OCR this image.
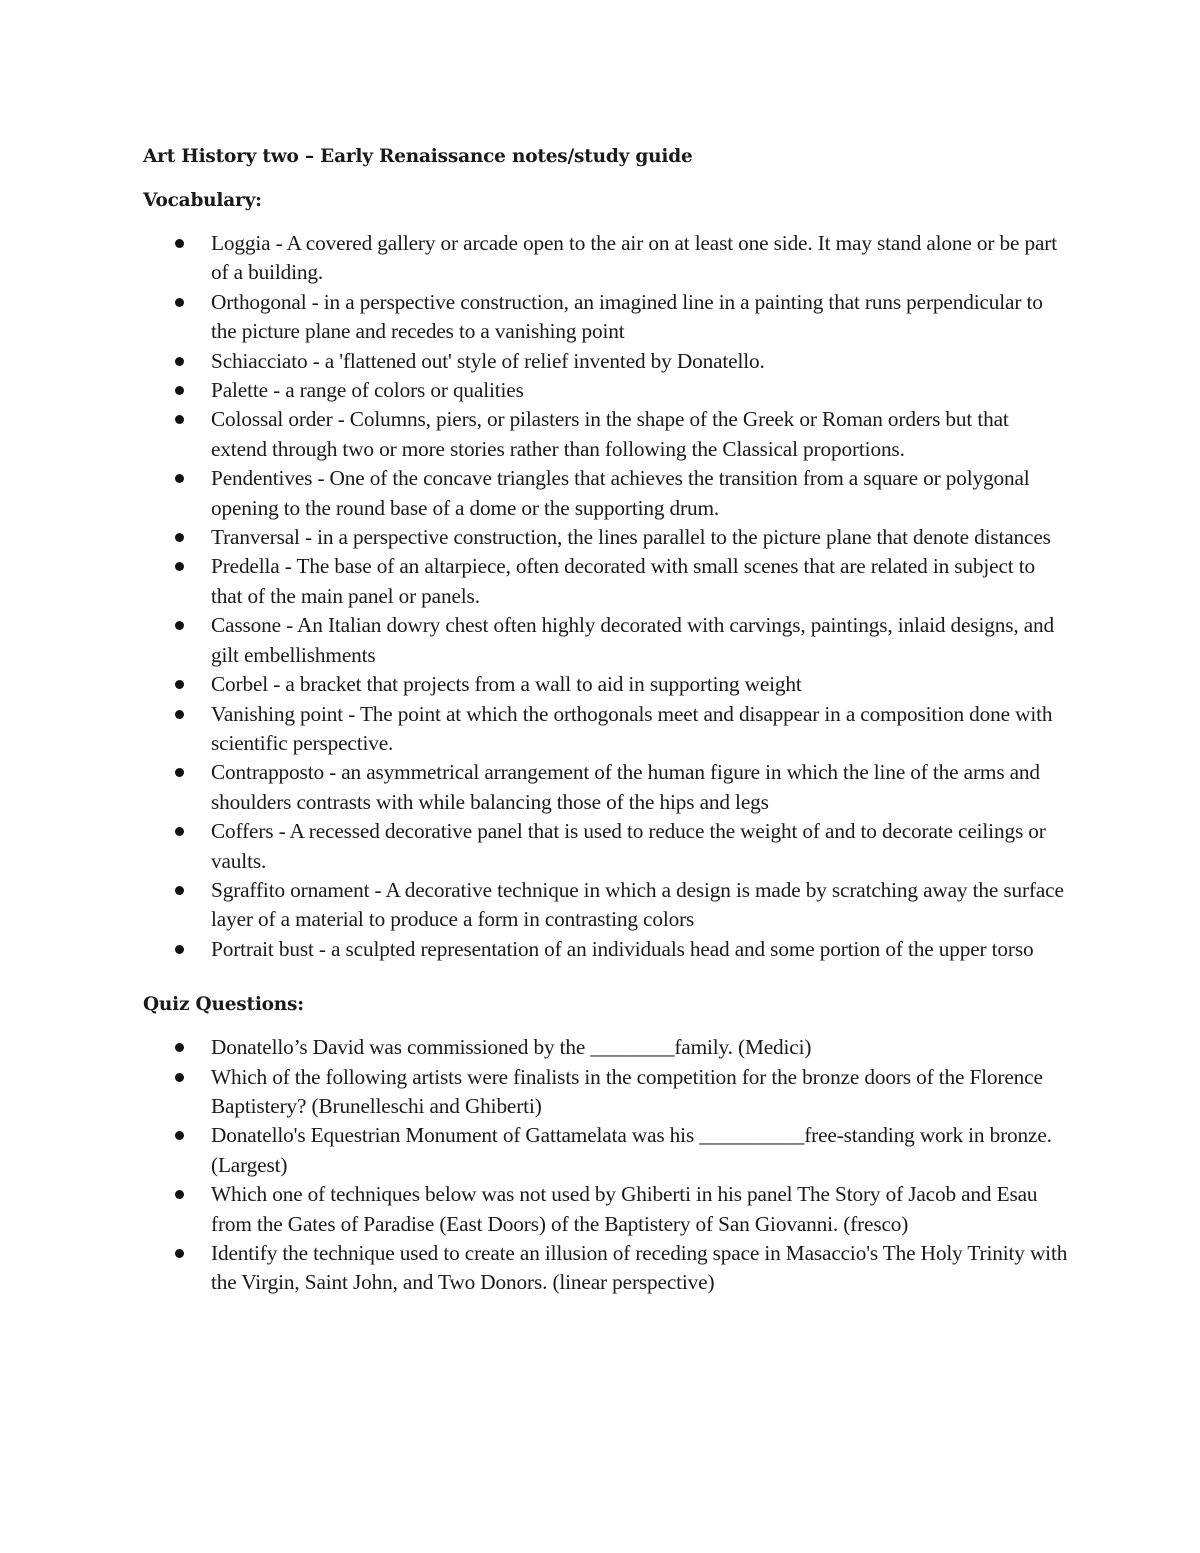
Art History two – Early Renaissance notes/study guide
Vocabulary:
Loggia - A covered gallery or arcade open to the air on at least one side. It may stand alone or be part of a building.
Orthogonal - in a perspective construction, an imagined line in a painting that runs perpendicular to the picture plane and recedes to a vanishing point
Schiacciato - a 'flattened out' style of relief invented by Donatello.
Palette - a range of colors or qualities
Colossal order - Columns, piers, or pilasters in the shape of the Greek or Roman orders but that extend through two or more stories rather than following the Classical proportions.
Pendentives - One of the concave triangles that achieves the transition from a square or polygonal opening to the round base of a dome or the supporting drum.
Tranversal - in a perspective construction, the lines parallel to the picture plane that denote distances
Predella - The base of an altarpiece, often decorated with small scenes that are related in subject to that of the main panel or panels.
Cassone - An Italian dowry chest often highly decorated with carvings, paintings, inlaid designs, and gilt embellishments
Corbel - a bracket that projects from a wall to aid in supporting weight
Vanishing point - The point at which the orthogonals meet and disappear in a composition done with scientific perspective.
Contrapposto - an asymmetrical arrangement of the human figure in which the line of the arms and shoulders contrasts with while balancing those of the hips and legs
Coffers - A recessed decorative panel that is used to reduce the weight of and to decorate ceilings or vaults.
Sgraffito ornament - A decorative technique in which a design is made by scratching away the surface layer of a material to produce a form in contrasting colors
Portrait bust - a sculpted representation of an individuals head and some portion of the upper torso
Quiz Questions:
Donatello’s David was commissioned by the ________family. (Medici)
Which of the following artists were finalists in the competition for the bronze doors of the Florence Baptistery? (Brunelleschi and Ghiberti)
Donatello's Equestrian Monument of Gattamelata was his __________free-standing work in bronze. (Largest)
Which one of techniques below was not used by Ghiberti in his panel The Story of Jacob and Esau from the Gates of Paradise (East Doors) of the Baptistery of San Giovanni. (fresco)
Identify the technique used to create an illusion of receding space in Masaccio's The Holy Trinity with the Virgin, Saint John, and Two Donors. (linear perspective)
